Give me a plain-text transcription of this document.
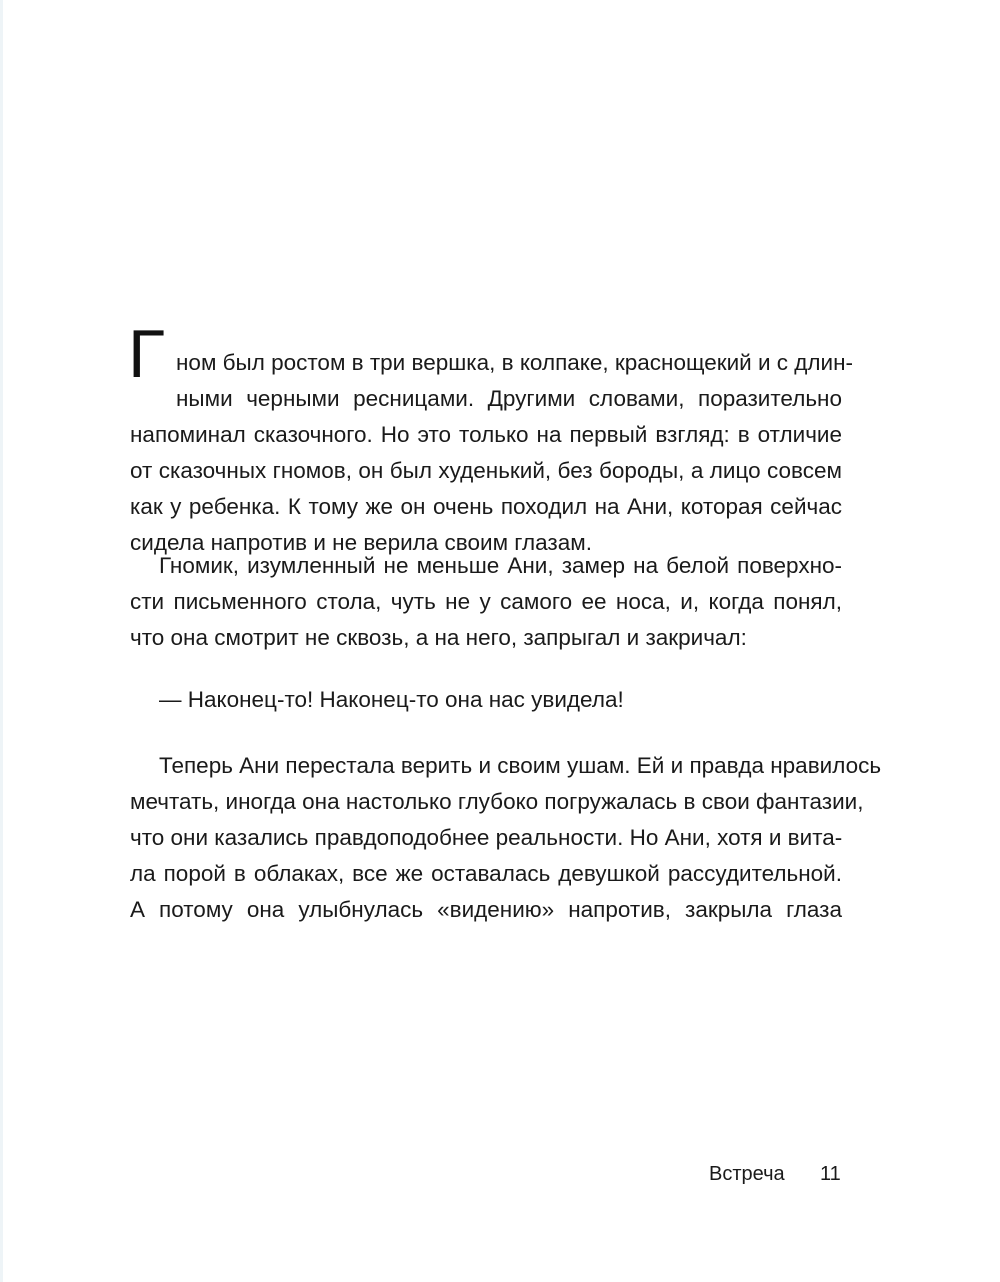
Г ном был ростом в три вершка, в колпаке, краснощекий и с длин-
ными черными ресницами. Другими словами, поразительно
напоминал сказочного. Но это только на первый взгляд: в отличие
от сказочных гномов, он был худенький, без бороды, а лицо совсем
как у ребенка. К тому же он очень походил на Ани, которая сейчас
сидела напротив и не верила своим глазам.
Гномик, изумленный не меньше Ани, замер на белой поверхно-
сти письменного стола, чуть не у самого ее носа, и, когда понял,
что она смотрит не сквозь, а на него, запрыгал и закричал:
— Наконец-то! Наконец-то она нас увидела!
Теперь Ани перестала верить и своим ушам. Ей и правда нравилось
мечтать, иногда она настолько глубоко погружалась в свои фантазии,
что они казались правдоподобнее реальности. Но Ани, хотя и вита-
ла порой в облаках, все же оставалась девушкой рассудительной.
А потому она улыбнулась «видению» напротив, закрыла глаза
Встреча 11
